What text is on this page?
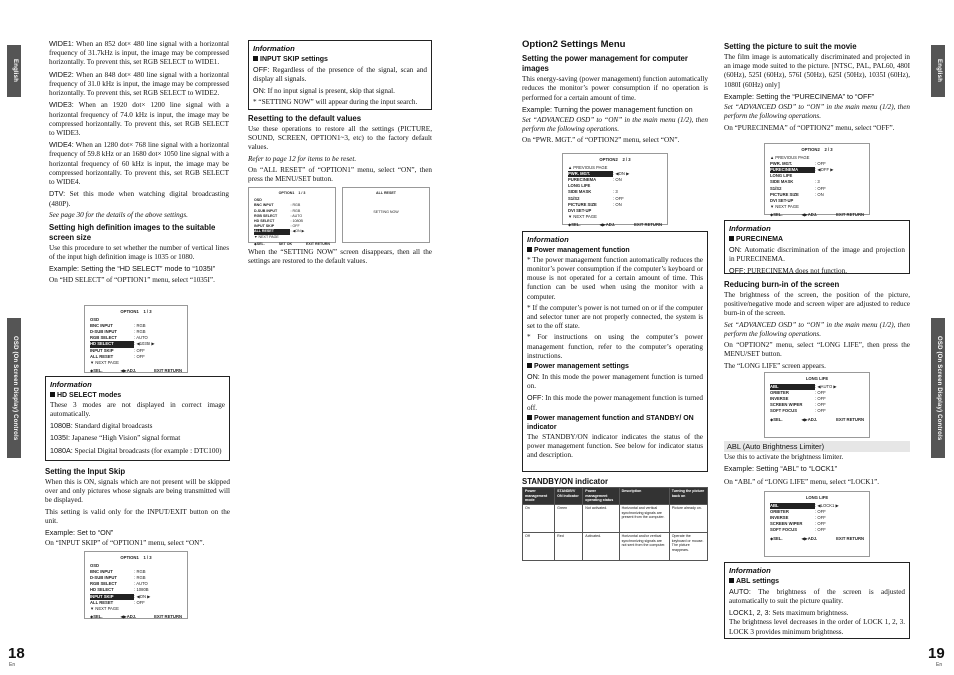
English
OSD (On Screen Display) Controls

WIDE1: When an 852 dot× 480 line signal with a horizontal frequency of 31.7kHz is input, the image may be compressed horizontally. To prevent this, set RGB SELECT to WIDE1.

WIDE2: When an 848 dot× 480 line signal with a horizontal frequency of 31.0 kHz is input, the image may be compressed horizontally. To prevent this, set RGB SELECT to WIDE2.

WIDE3: When an 1920 dot× 1200 line signal with a horizontal frequency of 74.0 kHz is input, the image may be compressed horizontally. To prevent this, set RGB SELECT to WIDE3.

WIDE4: When an 1280 dot× 768 line signal with a horizontal frequency of 59.8 kHz or an 1680 dot× 1050 line signal with a horizontal frequency of 60 kHz is input, the image may be compressed horizontally. To prevent this, set RGB SELECT to WIDE4.

DTV: Set this mode when watching digital broadcasting (480P).

See page 30 for the details of the above settings.

Setting high definition images to the suitable screen size

Use this procedure to set whether the number of vertical lines of the input high definition image is 1035 or 1080.

Example: Setting the “HD SELECT” mode to “1035I”

On “HD SELECT” of “OPTION1” menu, select “1035I”.

OPTION1 1 / 3
OSD
BNC INPUT	: RGB
D-SUB INPUT	: RGB
RGB SELECT	: AUTO
HD SELECT	: ◀1035I ▶
INPUT SKIP	: OFF
ALL RESET	: OFF
▼ NEXT PAGE
◆SEL.	◀▶ADJ.	EXIT RETURN
Information
HD SELECT modes

These 3 modes are not displayed in correct image automatically.

1080B: Standard digital broadcasts

1035I: Japanese “High Vision” signal format

1080A: Special Digital broadcasts (for example : DTC100)

Setting the Input Skip

When this is ON, signals which are not present will be skipped over and only pictures whose signals are being transmitted will be displayed.

This setting is valid only for the INPUT/EXIT button on the unit.

Example: Set to “ON”

On “INPUT SKIP” of “OPTION1” menu, select “ON”.

OPTION1 1 / 3
OSD
BNC INPUT	: RGB
D-SUB INPUT	: RGB
RGB SELECT	: AUTO
HD SELECT	: 1080B
INPUT SKIP	: ◀ON ▶
ALL RESET	: OFF
▼ NEXT PAGE
◆SEL.	◀▶ADJ.	EXIT RETURN
Information
INPUT SKIP settings

OFF: Regardless of the presence of the signal, scan and display all signals.

ON: If no input signal is present, skip that signal.

* “SETTING NOW” will appear during the input search.

Resetting to the default values

Use these operations to restore all the settings (PICTURE, SOUND, SCREEN, OPTION1~3, etc) to the factory default values.

Refer to page 12 for items to be reset.

On “ALL RESET” of “OPTION1” menu, select “ON”, then press the MENU/SET button.

OPTION1 1 / 3
OSD
BNC INPUT	: RGB
D-SUB INPUT	: RGB
RGB SELECT	: AUTO
HD SELECT	: 1080B
INPUT SKIP	: OFF
ALL RESET	: ◀ON ▶
▼ NEXT PAGE
◆SEL.	SET OK	EXIT RETURN
ALL RESET
SETTING NOW

When the “SETTING NOW” screen disappears, then all the settings are restored to the default values.

18
En
English
OSD (On Screen Display) Controls
Option2 Settings Menu
Setting the power management for computer images

This energy-saving (power management) function automatically reduces the monitor’s power consumption if no operation is performed for a certain amount of time.

Example: Turning the power management function on

Set “ADVANCED OSD” to “ON” in the main menu (1/2), then perform the following operations.

On “PWR. MGT.” of “OPTION2” menu, select “ON”.

OPTION2 2 / 3
▲ PREVIOUS PAGE
PWR. MGT.	: ◀ON ▶
PURECINEMA	: ON
LONG LIFE
SIDE MASK	: 3
S1/S2	: OFF
PICTURE SIZE	: ON
DVI SET-UP
▼ NEXT PAGE
◆SEL.	◀▶ADJ.	EXIT RETURN
Information
Power management function

* The power management function automatically reduces the monitor’s power consumption if the computer’s keyboard or mouse is not operated for a certain amount of time. This function can be used when using the monitor with a computer.

* If the computer’s power is not turned on or if the computer and selector tuner are not properly connected, the system is set to the off state.

* For instructions on using the computer’s power management function, refer to the computer’s operating instructions.

Power management settings

ON: In this mode the power management function is turned on.

OFF: In this mode the power management function is turned off.

Power management function and STANDBY/ ON indicator

The STANDBY/ON indicator indicates the status of the power management function. See below for indicator status and description.

STANDBY/ON indicator
Power management mode	STANDBY/ ON indicator	Power management operating status	Description	Turning the picture back on
On	Green	Not activated.	Horizontal and vertical synchronizing signals are present from the computer.	Picture already on.
Off	Red	Activated.	Horizontal and/or vertical synchronizing signals are not sent from the computer.	Operate the keyboard or mouse. The picture reappears.
Setting the picture to suit the movie

The film image is automatically discriminated and projected in an image mode suited to the picture. [NTSC, PAL, PAL60, 480I (60Hz), 525I (60Hz), 576I (50Hz), 625I (50Hz), 1035I (60Hz), 1080I (60Hz) only]

Example: Setting the “PURECINEMA” to “OFF”

Set “ADVANCED OSD” to “ON” in the main menu (1/2), then perform the following operations.

On “PURECINEMA” of “OPTION2” menu, select “OFF”.

OPTION2 2 / 3
▲ PREVIOUS PAGE
PWR. MGT.	: OFF
PURECINEMA	: ◀OFF ▶
LONG LIFE
SIDE MASK	: 3
S1/S2	: OFF
PICTURE SIZE	: ON
DVI SET-UP
▼ NEXT PAGE
◆SEL.	◀▶ADJ.	EXIT RETURN
Information
PURECINEMA

ON: Automatic discrimination of the image and projection in PURECINEMA.

OFF: PURECINEMA does not function.

Reducing burn-in of the screen

The brightness of the screen, the position of the picture, positive/negative mode and screen wiper are adjusted to reduce burn-in of the screen.

Set “ADVANCED OSD” to “ON” in the main menu (1/2), then perform the following operations.

On “OPTION2” menu, select “LONG LIFE”, then press the MENU/SET button.

The “LONG LIFE” screen appears.

LONG LIFE
ABL	: ◀AUTO ▶
ORBITER	: OFF
INVERSE	: OFF
SCREEN WIPER	: OFF
SOFT FOCUS	: OFF
◆SEL.	◀▶ADJ.	EXIT RETURN
ABL (Auto Brightness Limiter)

Use this to activate the brightness limiter.

Example: Setting “ABL” to “LOCK1”

On “ABL” of “LONG LIFE” menu, select “LOCK1”.

LONG LIFE
ABL	: ◀LOCK1 ▶
ORBITER	: OFF
INVERSE	: OFF
SCREEN WIPER	: OFF
SOFT FOCUS	: OFF
◆SEL.	◀▶ADJ.	EXIT RETURN
Information
ABL settings

AUTO: The brightness of the screen is adjusted automatically to suit the picture quality.

LOCK1, 2, 3: Sets maximum brightness.

The brightness level decreases in the order of LOCK 1, 2, 3. LOCK 3 provides minimum brightness.

19
En
